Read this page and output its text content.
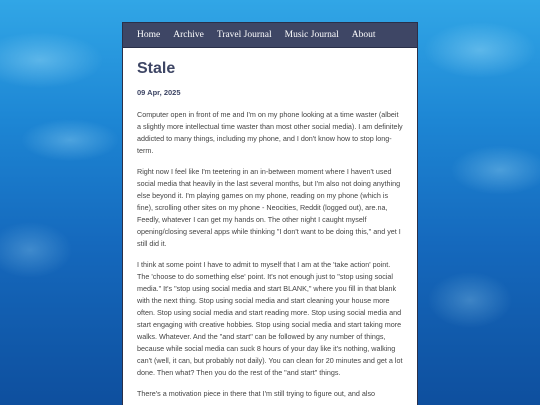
Home Archive Travel Journal Music Journal About
Stale
09 Apr, 2025

Computer open in front of me and I'm on my phone looking at a time waster (albeit a slightly more intellectual time waster than most other social media). I am definitely addicted to many things, including my phone, and I don't know how to stop long-term.

Right now I feel like I'm teetering in an in-between moment where I haven't used social media that heavily in the last several months, but I'm also not doing anything else beyond it. I'm playing games on my phone, reading on my phone (which is fine), scrolling other sites on my phone - Neocities, Reddit (logged out), are.na, Feedly, whatever I can get my hands on. The other night I caught myself opening/closing several apps while thinking "I don't want to be doing this," and yet I still did it.

I think at some point I have to admit to myself that I am at the 'take action' point. The 'choose to do something else' point. It's not enough just to "stop using social media." It's "stop using social media and start BLANK," where you fill in that blank with the next thing. Stop using social media and start cleaning your house more often. Stop using social media and start reading more. Stop using social media and start engaging with creative hobbies. Stop using social media and start taking more walks. Whatever. And the "and start" can be followed by any number of things, because while social media can suck 8 hours of your day like it's nothing, walking can't (well, it can, but probably not daily). You can clean for 20 minutes and get a lot done. Then what? Then you do the rest of the "and start" things.

There's a motivation piece in there that I'm still trying to figure out, and also
